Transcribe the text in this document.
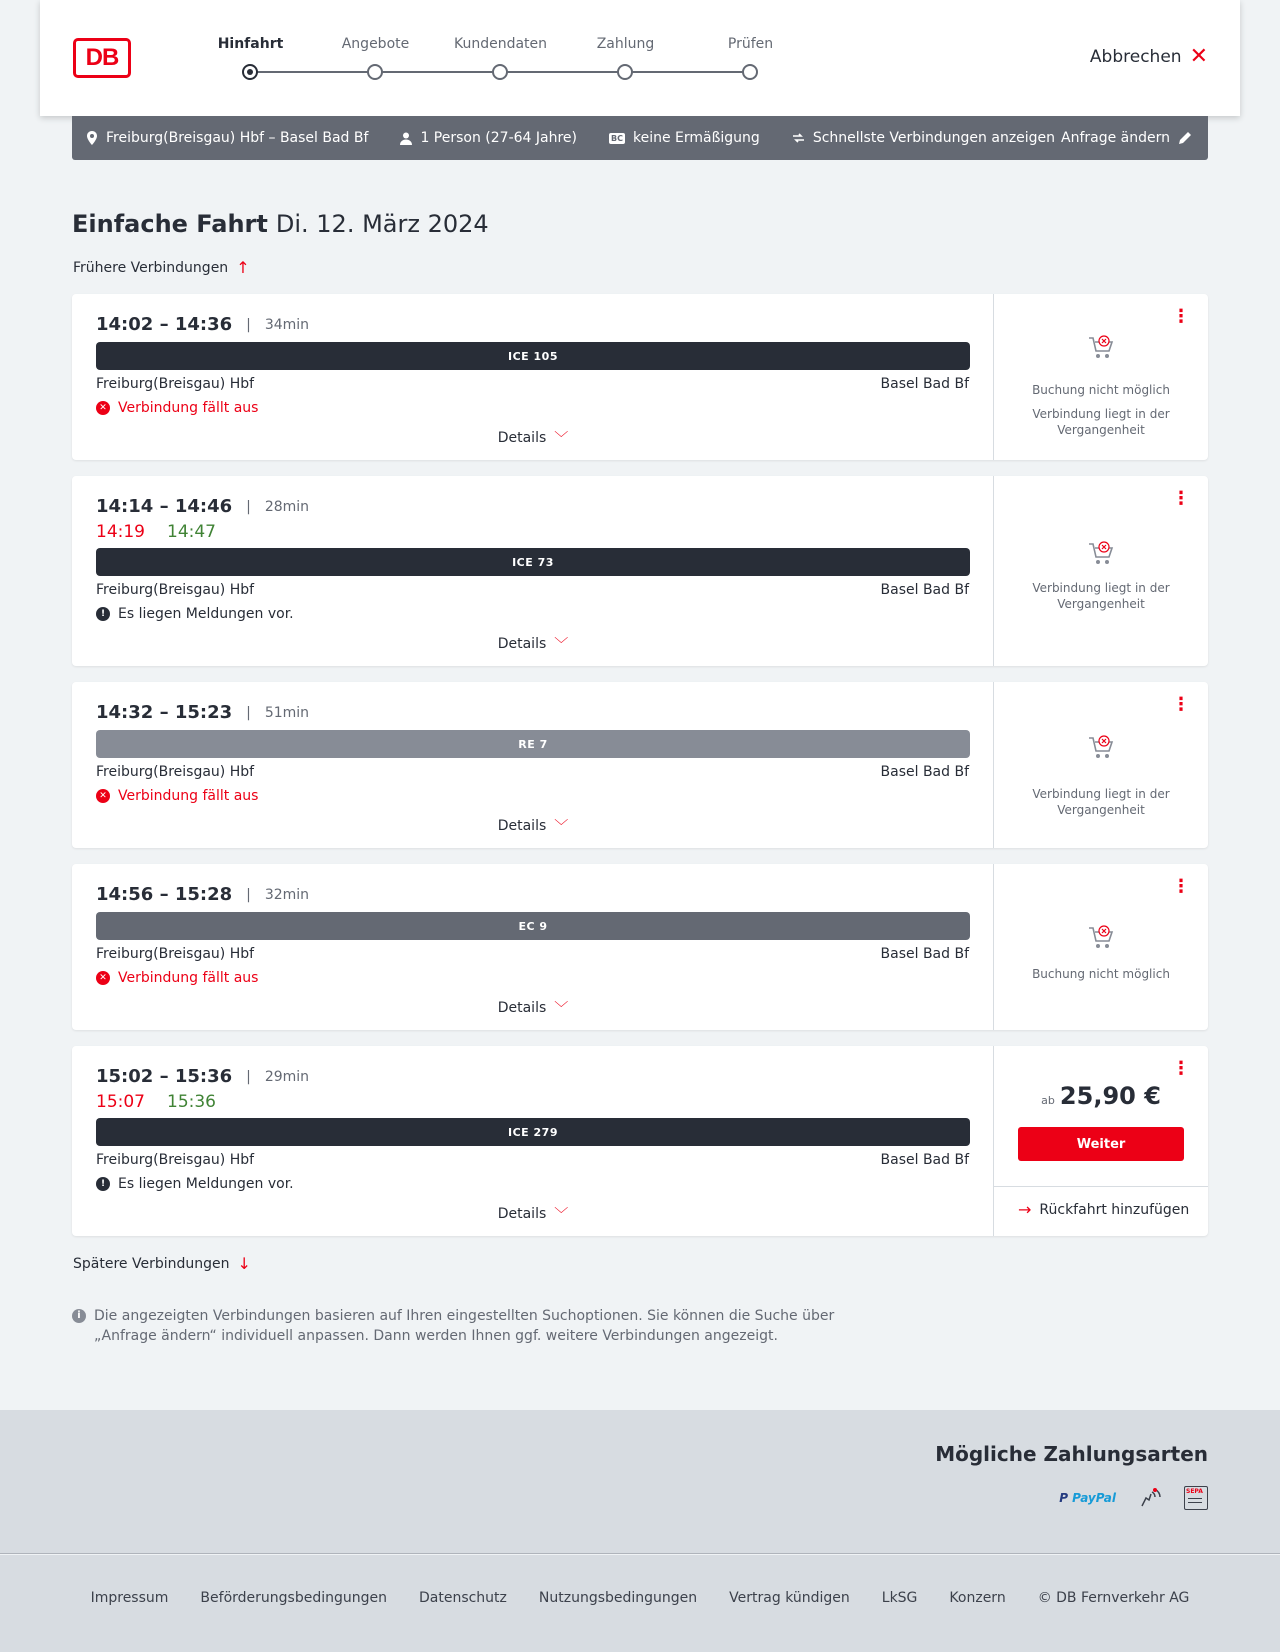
DB	Hinfahrt	Angebote	Kundendaten	Zahlung	Prüfen
Abbrechen ✕
Freiburg(Breisgau) Hbf – Basel Bad Bf	1 Person (27-64 Jahre)	BC keine Ermäßigung	Schnellste Verbindungen anzeigen Anfrage ändern
Einfache Fahrt Di. 12. März 2024
Frühere Verbindungen ↑
14:02 – 14:36	| 34min
ICE 105
Freiburg(Breisgau) Hbf	Basel Bad Bf
✕ Verbindung fällt aus
Details ﹀
⋮
Buchung nicht möglich
Verbindung liegt in der Vergangenheit
14:14 – 14:46	| 28min
14:19 14:47
ICE 73
Freiburg(Breisgau) Hbf	Basel Bad Bf
! Es liegen Meldungen vor.
Details ﹀
⋮
Verbindung liegt in der Vergangenheit
14:32 – 15:23	| 51min
RE 7
Freiburg(Breisgau) Hbf	Basel Bad Bf
✕ Verbindung fällt aus
Details ﹀
⋮
Verbindung liegt in der Vergangenheit
14:56 – 15:28	| 32min
EC 9
Freiburg(Breisgau) Hbf	Basel Bad Bf
✕ Verbindung fällt aus
Details ﹀
⋮
Buchung nicht möglich
15:02 – 15:36	| 29min
15:07 15:36
ICE 279
Freiburg(Breisgau) Hbf	Basel Bad Bf
! Es liegen Meldungen vor.
Details ﹀
⋮
ab 25,90 €
Weiter
→ Rückfahrt hinzufügen
Spätere Verbindungen ↓
i Die angezeigten Verbindungen basieren auf Ihren eingestellten Suchoptionen. Sie können die Suche über „Anfrage ändern“ individuell anpassen. Dann werden Ihnen ggf. weitere Verbindungen angezeigt.
Mögliche Zahlungsarten
P PayPal	SEPA
Impressum Beförderungsbedingungen Datenschutz Nutzungsbedingungen Vertrag kündigen LkSG Konzern © DB Fernverkehr AG
